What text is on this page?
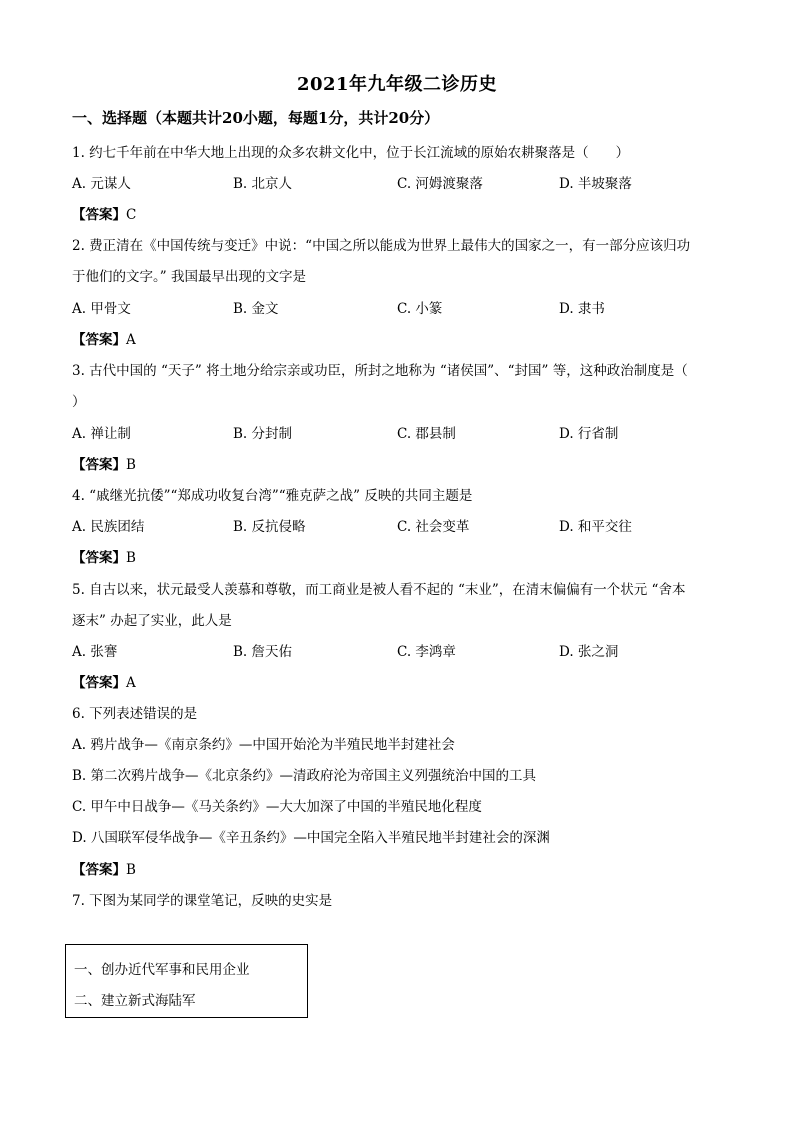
2021年九年级二诊历史
一、选择题（本题共计20小题，每题1分，共计20分）
1. 约七千年前在中华大地上出现的众多农耕文化中，位于长江流域的原始农耕聚落是（　　）
A. 元谋人	B. 北京人	C. 河姆渡聚落	D. 半坡聚落
【答案】C
2. 费正清在《中国传统与变迁》中说：“中国之所以能成为世界上最伟大的国家之一，有一部分应该归功
于他们的文字。” 我国最早出现的文字是
A. 甲骨文	B. 金文	C. 小篆	D. 隶书
【答案】A
3. 古代中国的 “天子” 将土地分给宗亲或功臣，所封之地称为 “诸侯国”、“封国” 等，这种政治制度是（
）
A. 禅让制	B. 分封制	C. 郡县制	D. 行省制
【答案】B
4. “戚继光抗倭”“郑成功收复台湾”“雅克萨之战” 反映的共同主题是
A. 民族团结	B. 反抗侵略	C. 社会变革	D. 和平交往
【答案】B
5. 自古以来，状元最受人羡慕和尊敬，而工商业是被人看不起的 “末业”，在清末偏偏有一个状元 “舍本
逐末” 办起了实业，此人是
A. 张謇	B. 詹天佑	C. 李鸿章	D. 张之洞
【答案】A
6. 下列表述错误的是
A. 鸦片战争—《南京条约》—中国开始沦为半殖民地半封建社会
B. 第二次鸦片战争—《北京条约》—清政府沦为帝国主义列强统治中国的工具
C. 甲午中日战争—《马关条约》—大大加深了中国的半殖民地化程度
D. 八国联军侵华战争—《辛丑条约》—中国完全陷入半殖民地半封建社会的深渊
【答案】B
7. 下图为某同学的课堂笔记，反映的史实是
一、创办近代军事和民用企业
二、建立新式海陆军
